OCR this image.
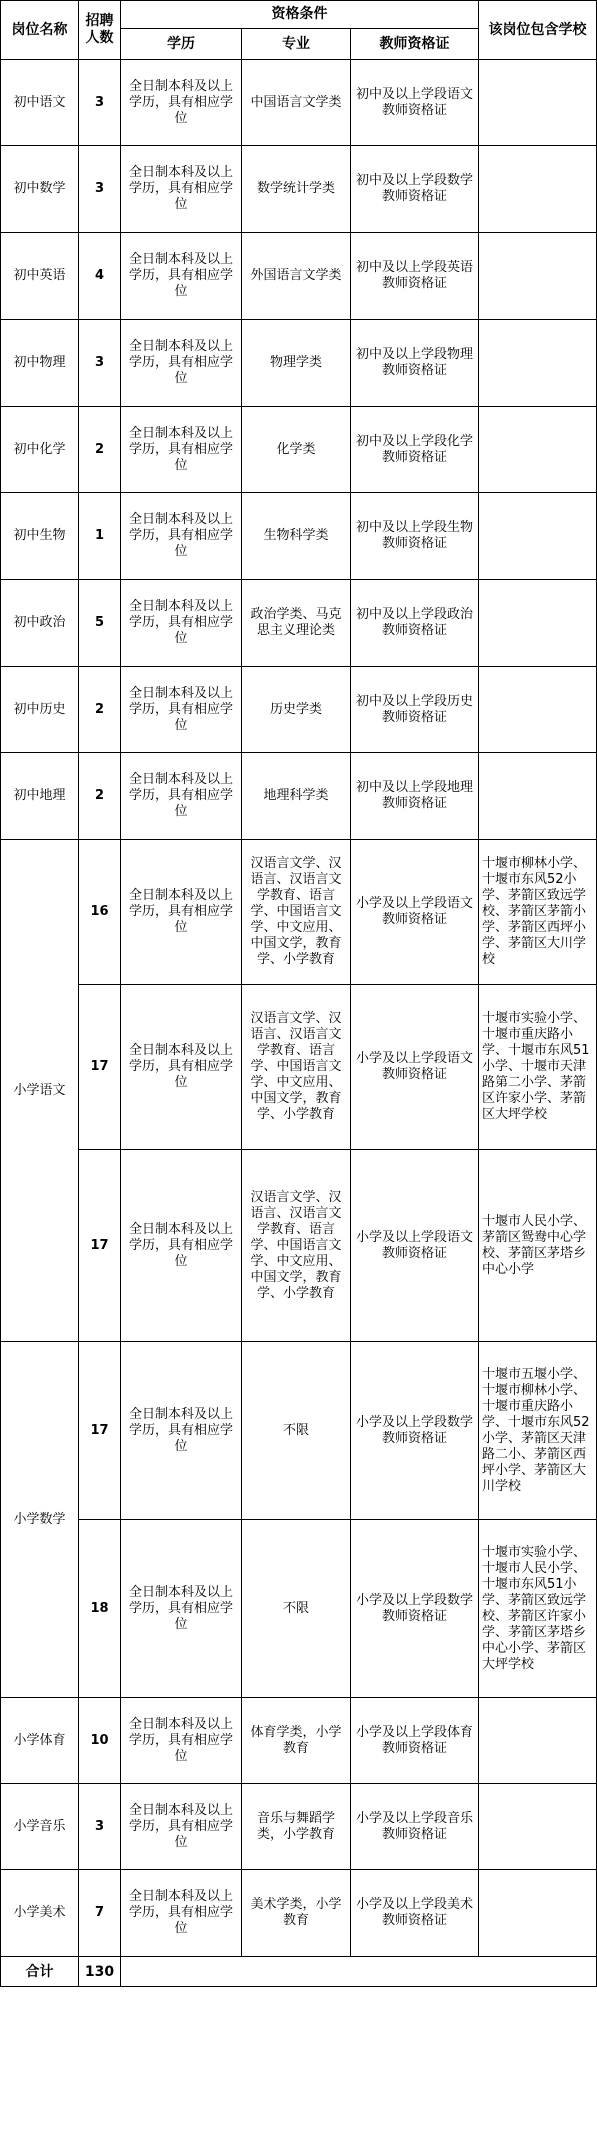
岗位名称	招聘人数	资格条件			该岗位包含学校
		学历	专业	教师资格证	
初中语文	3	全日制本科及以上学历，具有相应学位	中国语言文学类	初中及以上学段语文教师资格证	
初中数学	3	全日制本科及以上学历，具有相应学位	数学统计学类	初中及以上学段数学教师资格证	
初中英语	4	全日制本科及以上学历，具有相应学位	外国语言文学类	初中及以上学段英语教师资格证	
初中物理	3	全日制本科及以上学历，具有相应学位	物理学类	初中及以上学段物理教师资格证	
初中化学	2	全日制本科及以上学历，具有相应学位	化学类	初中及以上学段化学教师资格证	
初中生物	1	全日制本科及以上学历，具有相应学位	生物科学类	初中及以上学段生物教师资格证	
初中政治	5	全日制本科及以上学历，具有相应学位	政治学类、马克思主义理论类	初中及以上学段政治教师资格证	
初中历史	2	全日制本科及以上学历，具有相应学位	历史学类	初中及以上学段历史教师资格证	
初中地理	2	全日制本科及以上学历，具有相应学位	地理科学类	初中及以上学段地理教师资格证	
小学语文	16	全日制本科及以上学历，具有相应学位	汉语言文学、汉语言、汉语言文学教育、语言学、中国语言文学、中文应用、中国文学，教育学、小学教育	小学及以上学段语文教师资格证	十堰市柳林小学、十堰市东风52小学、茅箭区致远学校、茅箭区茅箭小学、茅箭区西坪小学、茅箭区大川学校
	17	全日制本科及以上学历，具有相应学位	汉语言文学、汉语言、汉语言文学教育、语言学、中国语言文学、中文应用、中国文学，教育学、小学教育	小学及以上学段语文教师资格证	十堰市实验小学、十堰市重庆路小学、十堰市东风51小学、十堰市天津路第二小学、茅箭区许家小学、茅箭区大坪学校
	17	全日制本科及以上学历，具有相应学位	汉语言文学、汉语言、汉语言文学教育、语言学、中国语言文学、中文应用、中国文学，教育学、小学教育	小学及以上学段语文教师资格证	十堰市人民小学、茅箭区鸳鸯中心学校、茅箭区茅塔乡中心小学
小学数学	17	全日制本科及以上学历，具有相应学位	不限	小学及以上学段数学教师资格证	十堰市五堰小学、十堰市柳林小学、十堰市重庆路小学、十堰市东风52小学、茅箭区天津路二小、茅箭区西坪小学、茅箭区大川学校
	18	全日制本科及以上学历，具有相应学位	不限	小学及以上学段数学教师资格证	十堰市实验小学、十堰市人民小学、十堰市东风51小学、茅箭区致远学校、茅箭区许家小学、茅箭区茅塔乡中心小学、茅箭区大坪学校
小学体育	10	全日制本科及以上学历，具有相应学位	体育学类，小学教育	小学及以上学段体育教师资格证	
小学音乐	3	全日制本科及以上学历，具有相应学位	音乐与舞蹈学类，小学教育	小学及以上学段音乐教师资格证	
小学美术	7	全日制本科及以上学历，具有相应学位	美术学类，小学教育	小学及以上学段美术教师资格证	
合计	130				
